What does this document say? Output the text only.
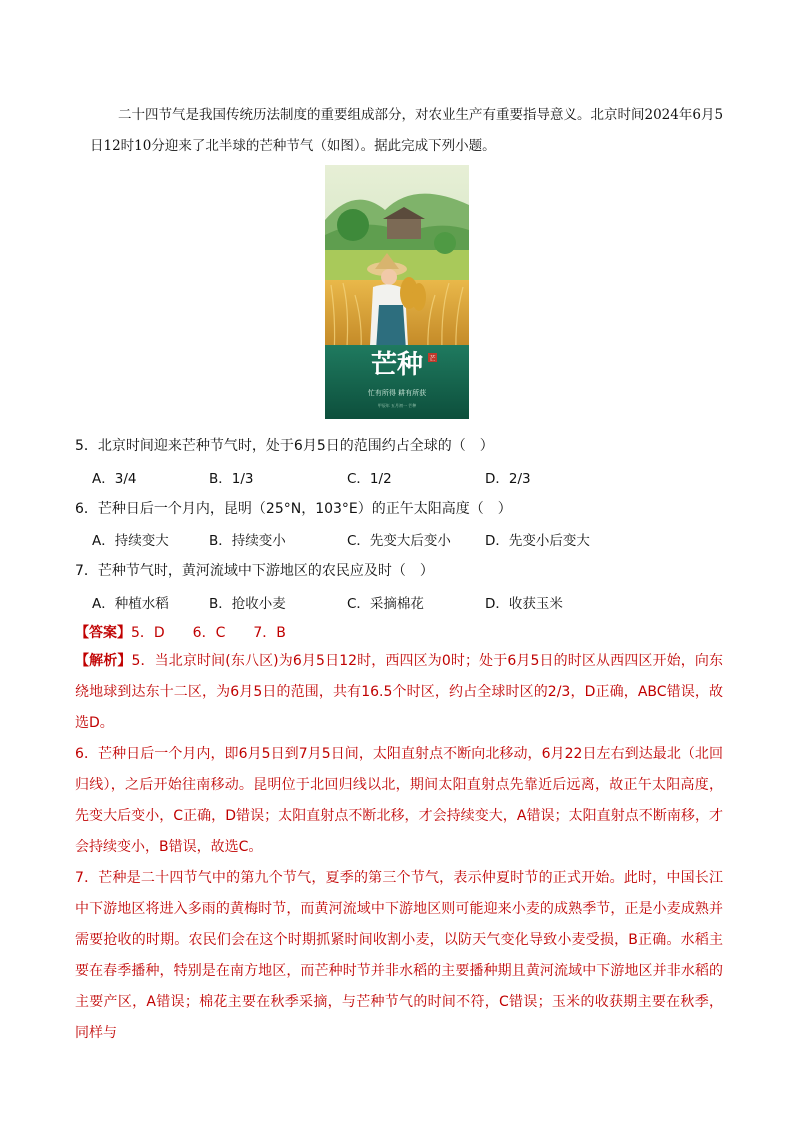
二十四节气是我国传统历法制度的重要组成部分，对农业生产有重要指导意义。北京时间2024年6月5日12时10分迎来了北半球的芒种节气（如图）。据此完成下列小题。
芒种 芒
忙有所得 耕有所获
甲辰年 五月初一 芒种
5．北京时间迎来芒种节气时，处于6月5日的范围约占全球的（　）
A．3/4	B．1/3	C．1/2	D．2/3
6．芒种日后一个月内，昆明（25°N，103°E）的正午太阳高度（　）
A．持续变大	B．持续变小	C．先变大后变小	D．先变小后变大
7．芒种节气时，黄河流域中下游地区的农民应及时（　）
A．种植水稻	B．抢收小麦	C．采摘棉花	D．收获玉米
【答案】5．D　　6．C　　7．B
【解析】5．当北京时间(东八区)为6月5日12时，西四区为0时；处于6月5日的时区从西四区开始，向东绕地球到达东十二区，为6月5日的范围，共有16.5个时区，约占全球时区的2/3，D正确，ABC错误，故选D。
6．芒种日后一个月内，即6月5日到7月5日间，太阳直射点不断向北移动，6月22日左右到达最北（北回归线），之后开始往南移动。昆明位于北回归线以北，期间太阳直射点先靠近后远离，故正午太阳高度，先变大后变小，C正确，D错误；太阳直射点不断北移，才会持续变大，A错误；太阳直射点不断南移，才会持续变小，B错误，故选C。
7．芒种是二十四节气中的第九个节气，夏季的第三个节气，表示仲夏时节的正式开始。此时，中国长江中下游地区将进入多雨的黄梅时节，而黄河流域中下游地区则可能迎来小麦的成熟季节，正是小麦成熟并需要抢收的时期。农民们会在这个时期抓紧时间收割小麦，以防天气变化导致小麦受损，B正确。水稻主要在春季播种，特别是在南方地区，而芒种时节并非水稻的主要播种期且黄河流域中下游地区并非水稻的主要产区，A错误；棉花主要在秋季采摘，与芒种节气的时间不符，C错误；玉米的收获期主要在秋季，同样与
